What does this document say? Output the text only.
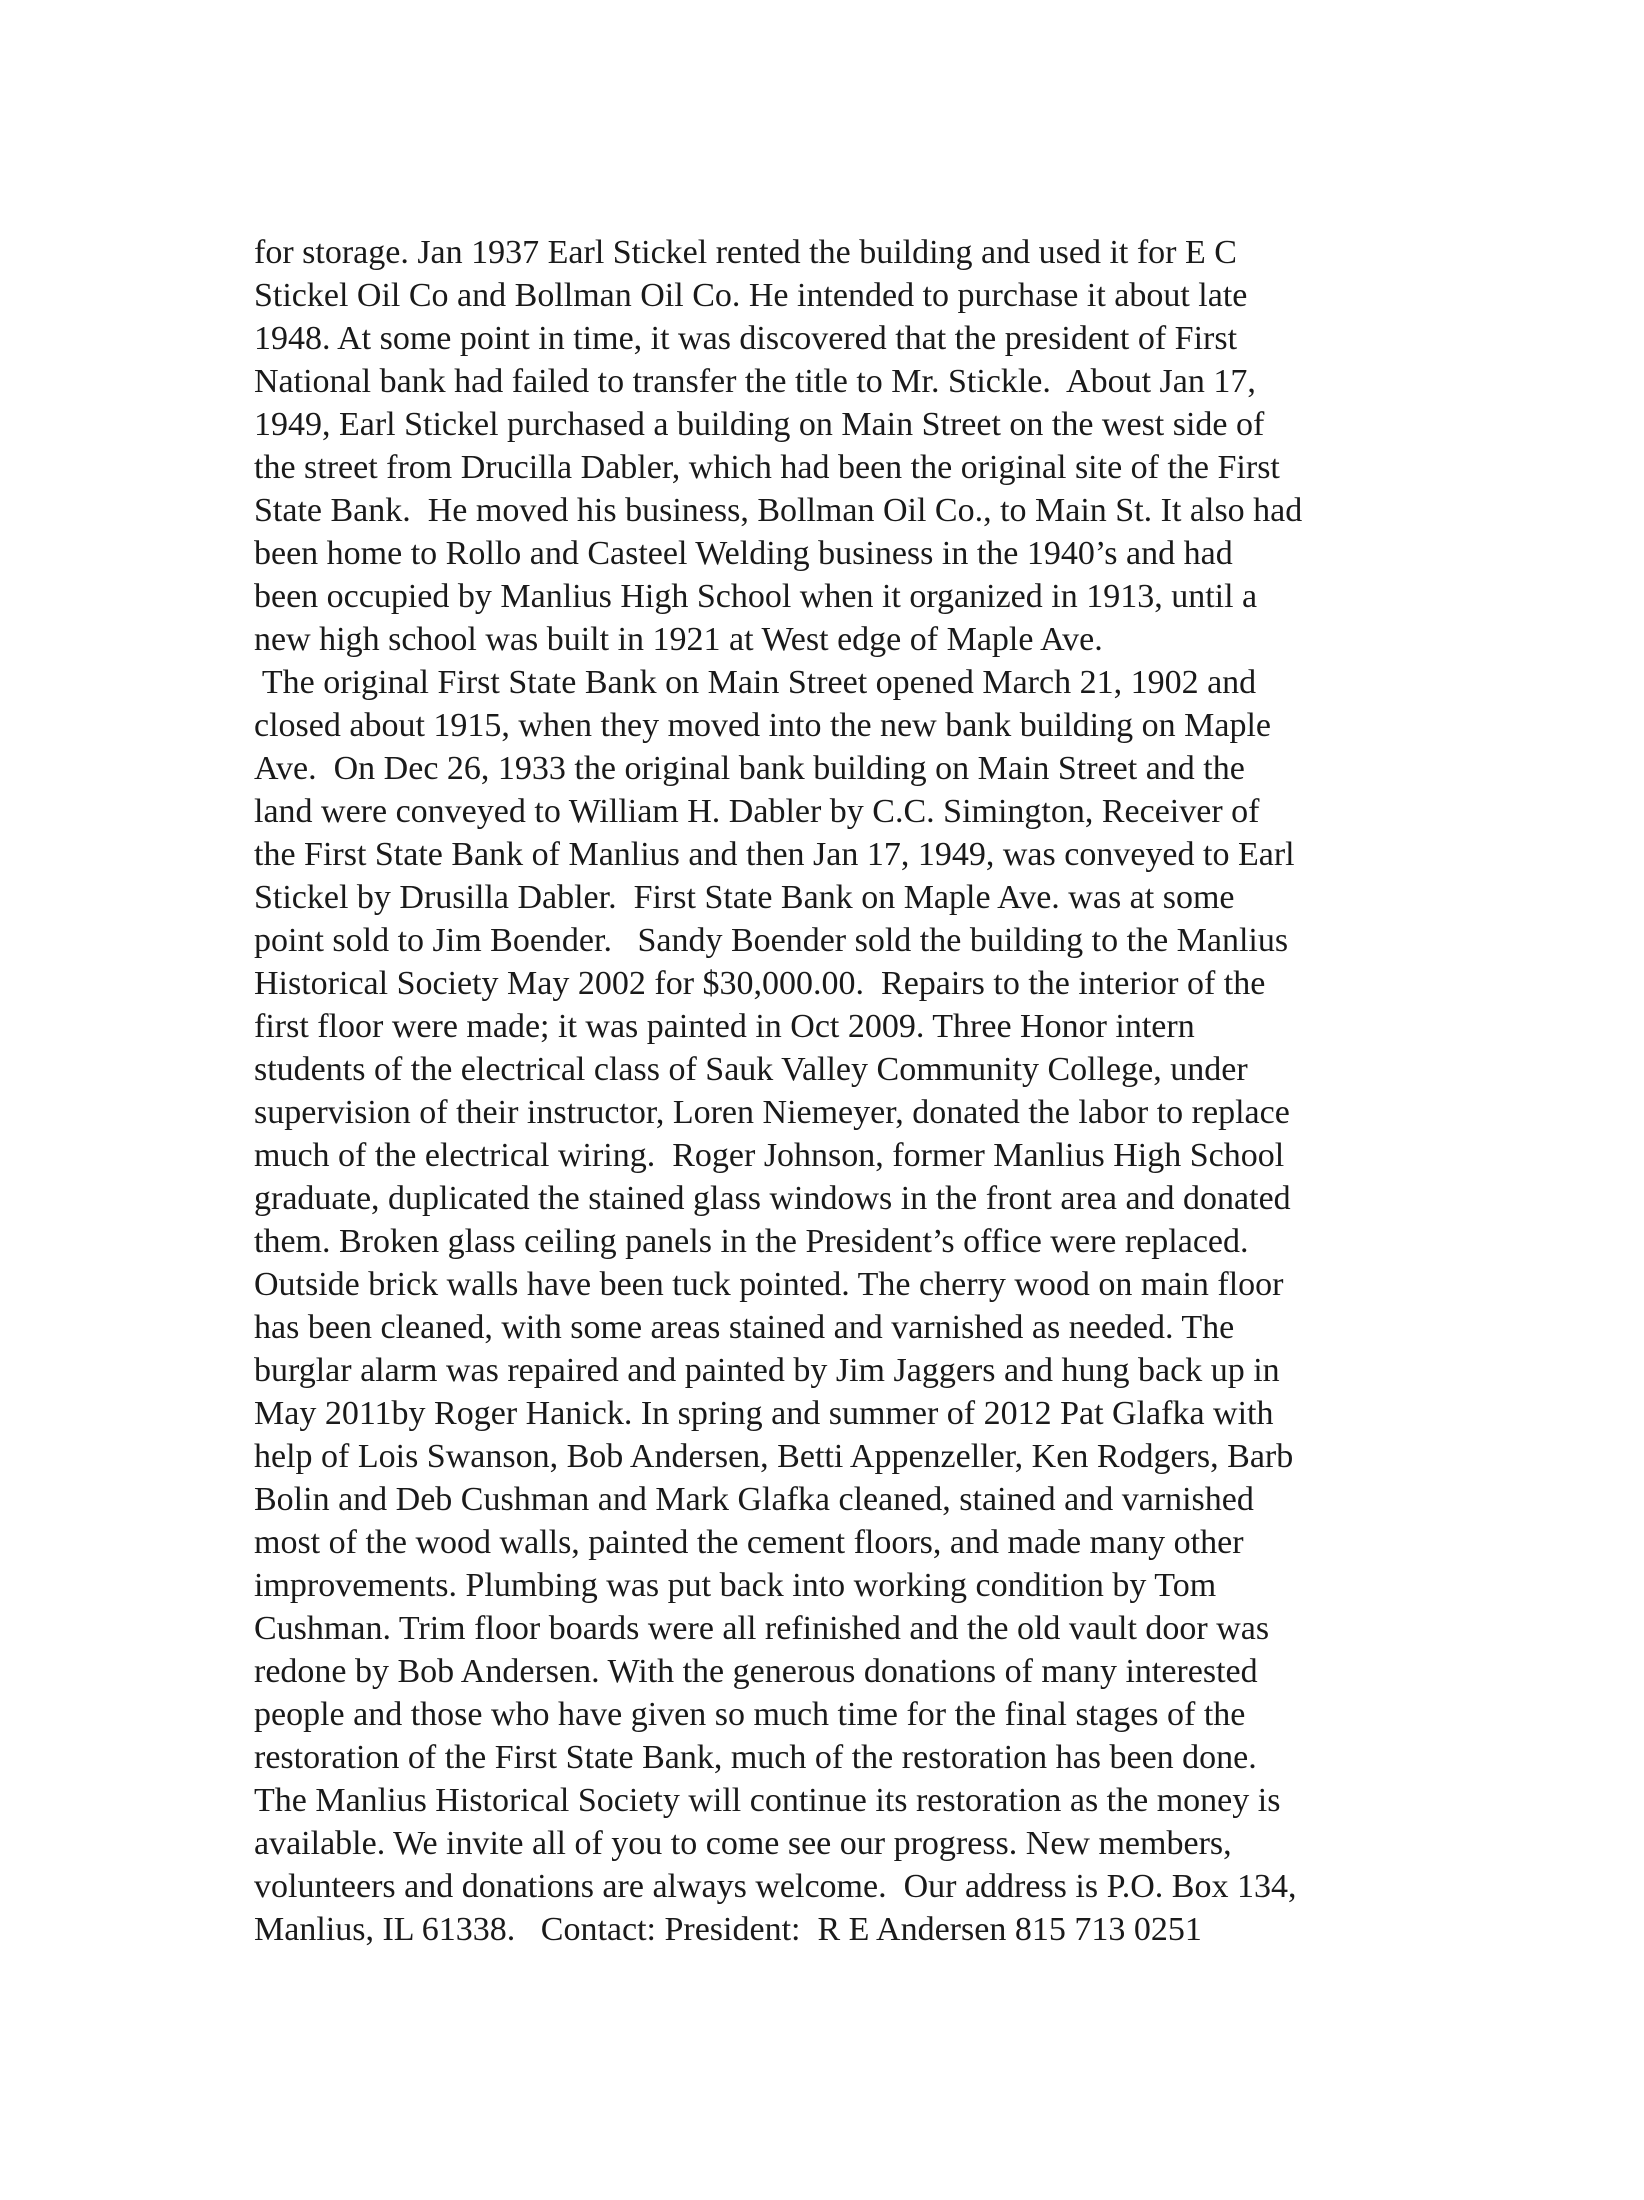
for storage. Jan 1937 Earl Stickel rented the building and used it for E C
Stickel Oil Co and Bollman Oil Co. He intended to purchase it about late
1948. At some point in time, it was discovered that the president of First
National bank had failed to transfer the title to Mr. Stickle.  About Jan 17,
1949, Earl Stickel purchased a building on Main Street on the west side of
the street from Drucilla Dabler, which had been the original site of the First
State Bank.  He moved his business, Bollman Oil Co., to Main St. It also had
been home to Rollo and Casteel Welding business in the 1940’s and had
been occupied by Manlius High School when it organized in 1913, until a
new high school was built in 1921 at West edge of Maple Ave.
The original First State Bank on Main Street opened March 21, 1902 and
closed about 1915, when they moved into the new bank building on Maple
Ave.  On Dec 26, 1933 the original bank building on Main Street and the
land were conveyed to William H. Dabler by C.C. Simington, Receiver of
the First State Bank of Manlius and then Jan 17, 1949, was conveyed to Earl
Stickel by Drusilla Dabler.  First State Bank on Maple Ave. was at some
point sold to Jim Boender.   Sandy Boender sold the building to the Manlius
Historical Society May 2002 for $30,000.00.  Repairs to the interior of the
first floor were made; it was painted in Oct 2009. Three Honor intern
students of the electrical class of Sauk Valley Community College, under
supervision of their instructor, Loren Niemeyer, donated the labor to replace
much of the electrical wiring.  Roger Johnson, former Manlius High School
graduate, duplicated the stained glass windows in the front area and donated
them. Broken glass ceiling panels in the President’s office were replaced.
Outside brick walls have been tuck pointed. The cherry wood on main floor
has been cleaned, with some areas stained and varnished as needed. The
burglar alarm was repaired and painted by Jim Jaggers and hung back up in
May 2011by Roger Hanick. In spring and summer of 2012 Pat Glafka with
help of Lois Swanson, Bob Andersen, Betti Appenzeller, Ken Rodgers, Barb
Bolin and Deb Cushman and Mark Glafka cleaned, stained and varnished
most of the wood walls, painted the cement floors, and made many other
improvements. Plumbing was put back into working condition by Tom
Cushman. Trim floor boards were all refinished and the old vault door was
redone by Bob Andersen. With the generous donations of many interested
people and those who have given so much time for the final stages of the
restoration of the First State Bank, much of the restoration has been done.
The Manlius Historical Society will continue its restoration as the money is
available. We invite all of you to come see our progress. New members,
volunteers and donations are always welcome.  Our address is P.O. Box 134,
Manlius, IL 61338.   Contact: President:  R E Andersen 815 713 0251
